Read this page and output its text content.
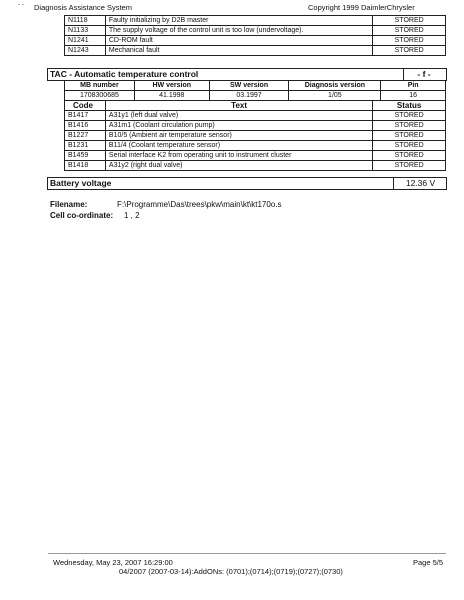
- - Diagnosis Assistance System	Copyright 1999 DaimlerChrysler
N1118	Faulty initializing by D2B master	STORED
N1133	The supply voltage of the control unit is too low (undervoltage).	STORED
N1241	CD-ROM fault	STORED
N1243	Mechanical fault	STORED
TAC - Automatic temperature control	- f -
MB number	HW version	SW version	Diagnosis version	Pin
1708300685	41.1998	03.1997	1/05	16
Code	Text	Status
B1417	A31y1 (left dual valve)	STORED
B1416	A31m1 (Coolant circulation pump)	STORED
B1227	B10/5 (Ambient air temperature sensor)	STORED
B1231	B11/4 (Coolant temperature sensor)	STORED
B1459	Serial interface K2 from operating unit to instrument cluster	STORED
B1418	A31y2 (right dual valve)	STORED
Battery voltage	12.36 V
Filename:	F:\Programme\Das\trees\pkw\main\kt\kt170o.s
Cell co-ordinate: 1 , 2
Wednesday, May 23, 2007 16:29:00	Page 5/5
04/2007 (2007-03-14):AddONs: (0701);(0714);(0719);(0727);(0730)
